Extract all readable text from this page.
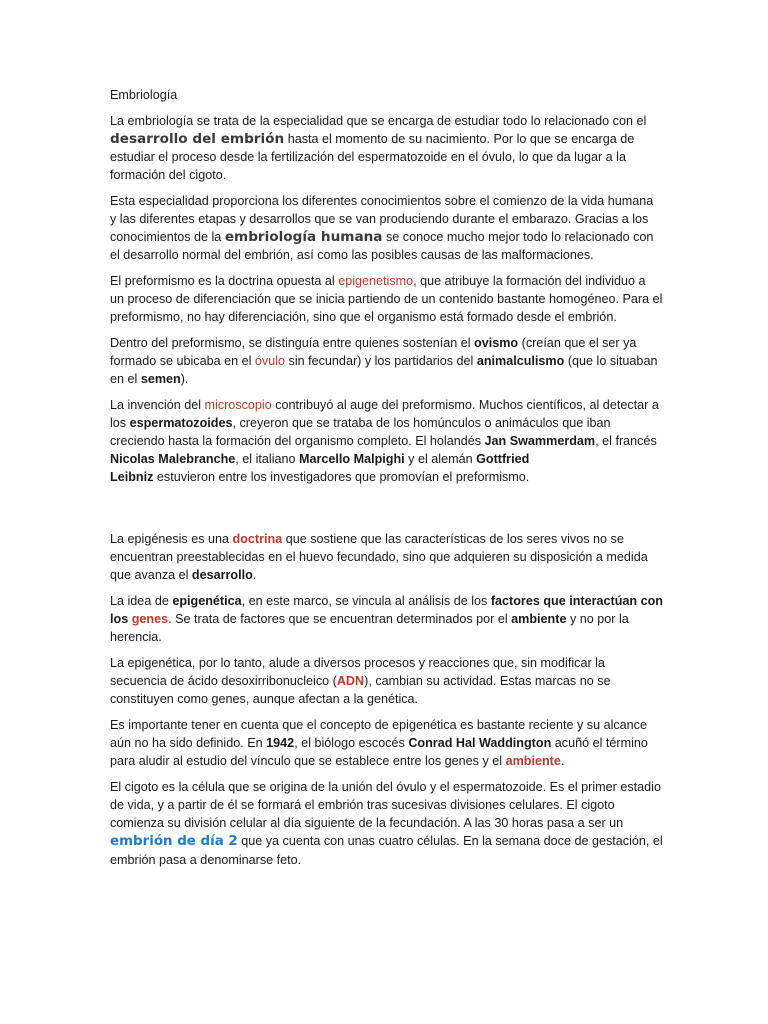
Embriología

La embriología se trata de la especialidad que se encarga de estudiar todo lo relacionado con el desarrollo del embrión hasta el momento de su nacimiento. Por lo que se encarga de estudiar el proceso desde la fertilización del espermatozoide en el óvulo, lo que da lugar a la formación del cigoto.

Esta especialidad proporciona los diferentes conocimientos sobre el comienzo de la vida humana y las diferentes etapas y desarrollos que se van produciendo durante el embarazo. Gracias a los conocimientos de la embriología humana se conoce mucho mejor todo lo relacionado con el desarrollo normal del embrión, así como las posibles causas de las malformaciones.

El preformismo es la doctrina opuesta al epigenetismo, que atribuye la formación del individuo a un proceso de diferenciación que se inicia partiendo de un contenido bastante homogéneo. Para el preformismo, no hay diferenciación, sino que el organismo está formado desde el embrión.

Dentro del preformismo, se distinguía entre quienes sostenían el ovismo (creían que el ser ya formado se ubicaba en el óvulo sin fecundar) y los partidarios del animalculismo (que lo situaban en el semen).

La invención del microscopio contribuyó al auge del preformismo. Muchos científicos, al detectar a los espermatozoides, creyeron que se trataba de los homúnculos o animáculos que iban creciendo hasta la formación del organismo completo. El holandés Jan Swammerdam, el francés Nicolas Malebranche, el italiano Marcello Malpighi y el alemán Gottfried
Leibniz estuvieron entre los investigadores que promovían el preformismo.

La epigénesis es una doctrina que sostiene que las características de los seres vivos no se encuentran preestablecidas en el huevo fecundado, sino que adquieren su disposición a medida que avanza el desarrollo.

La idea de epigenética, en este marco, se vincula al análisis de los factores que interactúan con los genes. Se trata de factores que se encuentran determinados por el ambiente y no por la herencia.

La epigenética, por lo tanto, alude a diversos procesos y reacciones que, sin modificar la secuencia de ácido desoxirribonucleico (ADN), cambian su actividad. Estas marcas no se constituyen como genes, aunque afectan a la genética.

Es importante tener en cuenta que el concepto de epigenética es bastante reciente y su alcance aún no ha sido definido. En 1942, el biólogo escocés Conrad Hal Waddington acuñó el término para aludir al estudio del vínculo que se establece entre los genes y el ambiente.

El cigoto es la célula que se origina de la unión del óvulo y el espermatozoide. Es el primer estadio de vida, y a partir de él se formará el embrión tras sucesivas divisiones celulares. El cigoto comienza su división celular al día siguiente de la fecundación. A las 30 horas pasa a ser un embrión de día 2 que ya cuenta con unas cuatro células. En la semana doce de gestación, el embrión pasa a denominarse feto.
